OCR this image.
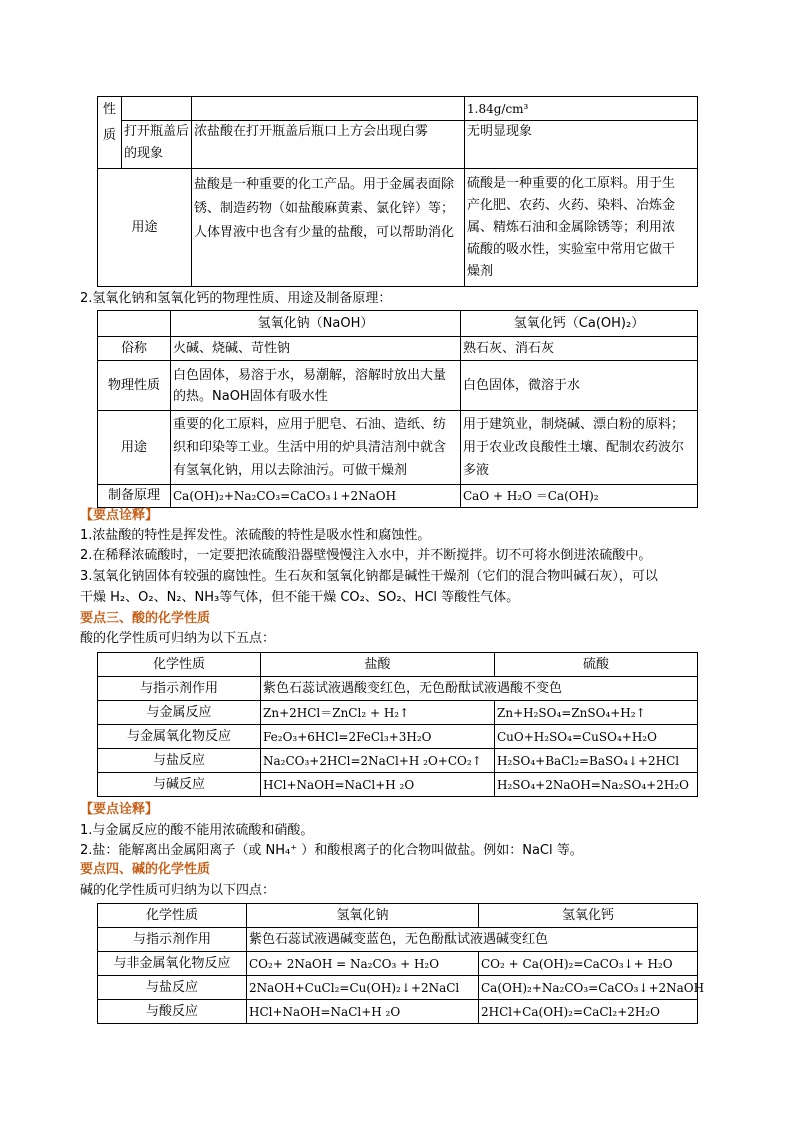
性
质			1.84g/cm³
	打开瓶盖后的现象	浓盐酸在打开瓶盖后瓶口上方会出现白雾	无明显现象
用途		盐酸是一种重要的化工产品。用于金属表面除
锈、制造药物（如盐酸麻黄素、氯化锌）等；
人体胃液中也含有少量的盐酸，可以帮助消化	硫酸是一种重要的化工原料。用于生
产化肥、农药、火药、染料、冶炼金
属、精炼石油和金属除锈等；利用浓
硫酸的吸水性，实验室中常用它做干
燥剂
2.氢氧化钠和氢氧化钙的物理性质、用途及制备原理：
	氢氧化钠（NaOH）	氢氧化钙（Ca(OH)₂）
俗称	火碱、烧碱、苛性钠	熟石灰、消石灰
物理性质	白色固体，易溶于水，易潮解，溶解时放出大量
的热。NaOH固体有吸水性	白色固体，微溶于水
用途	重要的化工原料，应用于肥皂、石油、造纸、纺
织和印染等工业。生活中用的炉具清洁剂中就含
有氢氧化钠，用以去除油污。可做干燥剂	用于建筑业，制烧碱、漂白粉的原料；
用于农业改良酸性土壤、配制农药波尔
多液

制备原理	Ca(OH)₂+Na₂CO₃=CaCO₃↓+2NaOH	CaO + H₂O ＝Ca(OH)₂
【要点诠释】
1.浓盐酸的特性是挥发性。浓硫酸的特性是吸水性和腐蚀性。
2.在稀释浓硫酸时，一定要把浓硫酸沿器壁慢慢注入水中，并不断搅拌。切不可将水倒进浓硫酸中。
3.氢氧化钠固体有较强的腐蚀性。生石灰和氢氧化钠都是碱性干燥剂（它们的混合物叫碱石灰），可以
干燥 H₂、O₂、N₂、NH₃等气体，但不能干燥 CO₂、SO₂、HCl 等酸性气体。
要点三、酸的化学性质
酸的化学性质可归纳为以下五点：
化学性质	盐酸	硫酸
与指示剂作用	紫色石蕊试液遇酸变红色，无色酚酞试液遇酸不变色	
与金属反应	Zn+2HCl＝ZnCl₂ + H₂↑	Zn+H₂SO₄=ZnSO₄+H₂↑
与金属氧化物反应	Fe₂O₃+6HCl=2FeCl₃+3H₂O	CuO+H₂SO₄=CuSO₄+H₂O
与盐反应	Na₂CO₃+2HCl=2NaCl+H ₂O+CO₂↑	H₂SO₄+BaCl₂=BaSO₄↓+2HCl
与碱反应	HCl+NaOH=NaCl+H ₂O	H₂SO₄+2NaOH=Na₂SO₄+2H₂O
【要点诠释】
1.与金属反应的酸不能用浓硫酸和硝酸。
2.盐：能解离出金属阳离子（或 NH₄⁺ ）和酸根离子的化合物叫做盐。例如：NaCl 等。
要点四、碱的化学性质
碱的化学性质可归纳为以下四点：
化学性质	氢氧化钠	氢氧化钙
与指示剂作用	紫色石蕊试液遇碱变蓝色，无色酚酞试液遇碱变红色	
与非金属氧化物反应	CO₂+ 2NaOH = Na₂CO₃ + H₂O	CO₂ + Ca(OH)₂=CaCO₃↓+ H₂O
与盐反应	2NaOH+CuCl₂=Cu(OH)₂↓+2NaCl	Ca(OH)₂+Na₂CO₃=CaCO₃↓+2NaOH
与酸反应	HCl+NaOH=NaCl+H ₂O	2HCl+Ca(OH)₂=CaCl₂+2H₂O
